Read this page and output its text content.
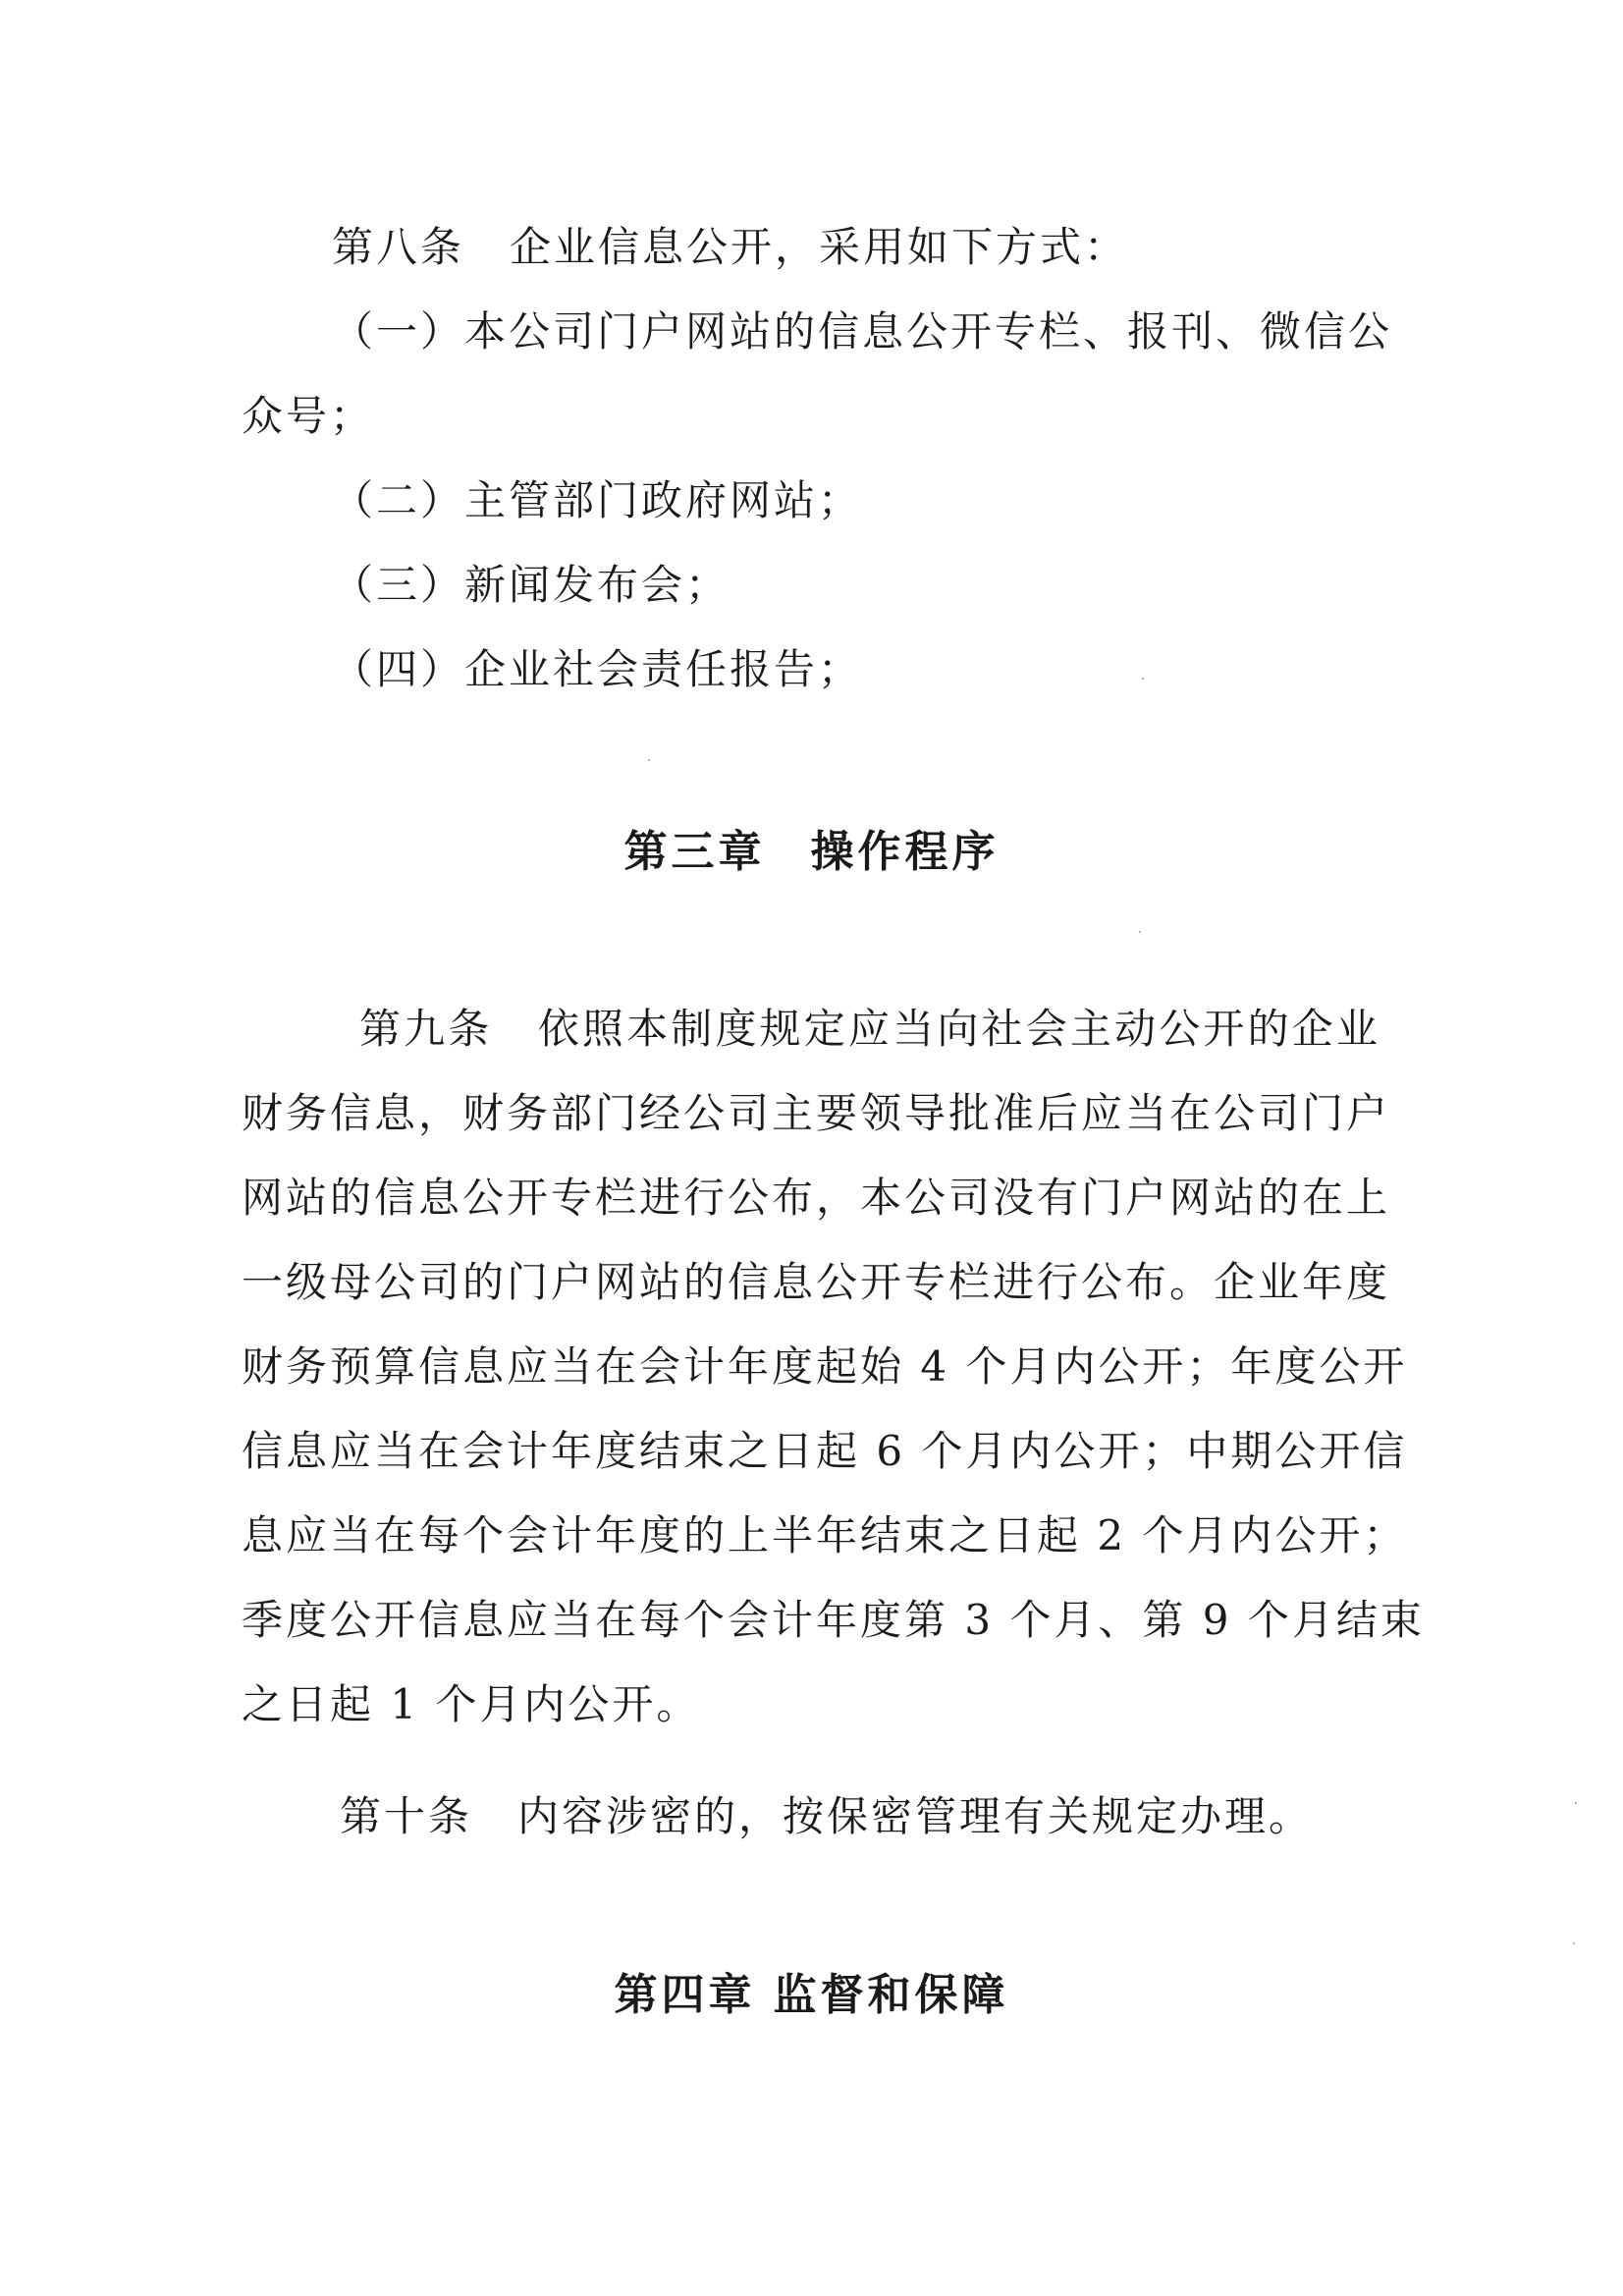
第八条 企业信息公开，采用如下方式：
（一）本公司门户网站的信息公开专栏、报刊、微信公
众号；
（二）主管部门政府网站；
（三）新闻发布会；
（四）企业社会责任报告；
第三章 操作程序
第九条 依照本制度规定应当向社会主动公开的企业
财务信息，财务部门经公司主要领导批准后应当在公司门户
网站的信息公开专栏进行公布，本公司没有门户网站的在上
一级母公司的门户网站的信息公开专栏进行公布。企业年度
财务预算信息应当在会计年度起始 4 个月内公开；年度公开
信息应当在会计年度结束之日起 6 个月内公开；中期公开信
息应当在每个会计年度的上半年结束之日起 2 个月内公开；
季度公开信息应当在每个会计年度第 3 个月、第 9 个月结束
之日起 1 个月内公开。
第十条 内容涉密的，按保密管理有关规定办理。
第四章 监督和保障
